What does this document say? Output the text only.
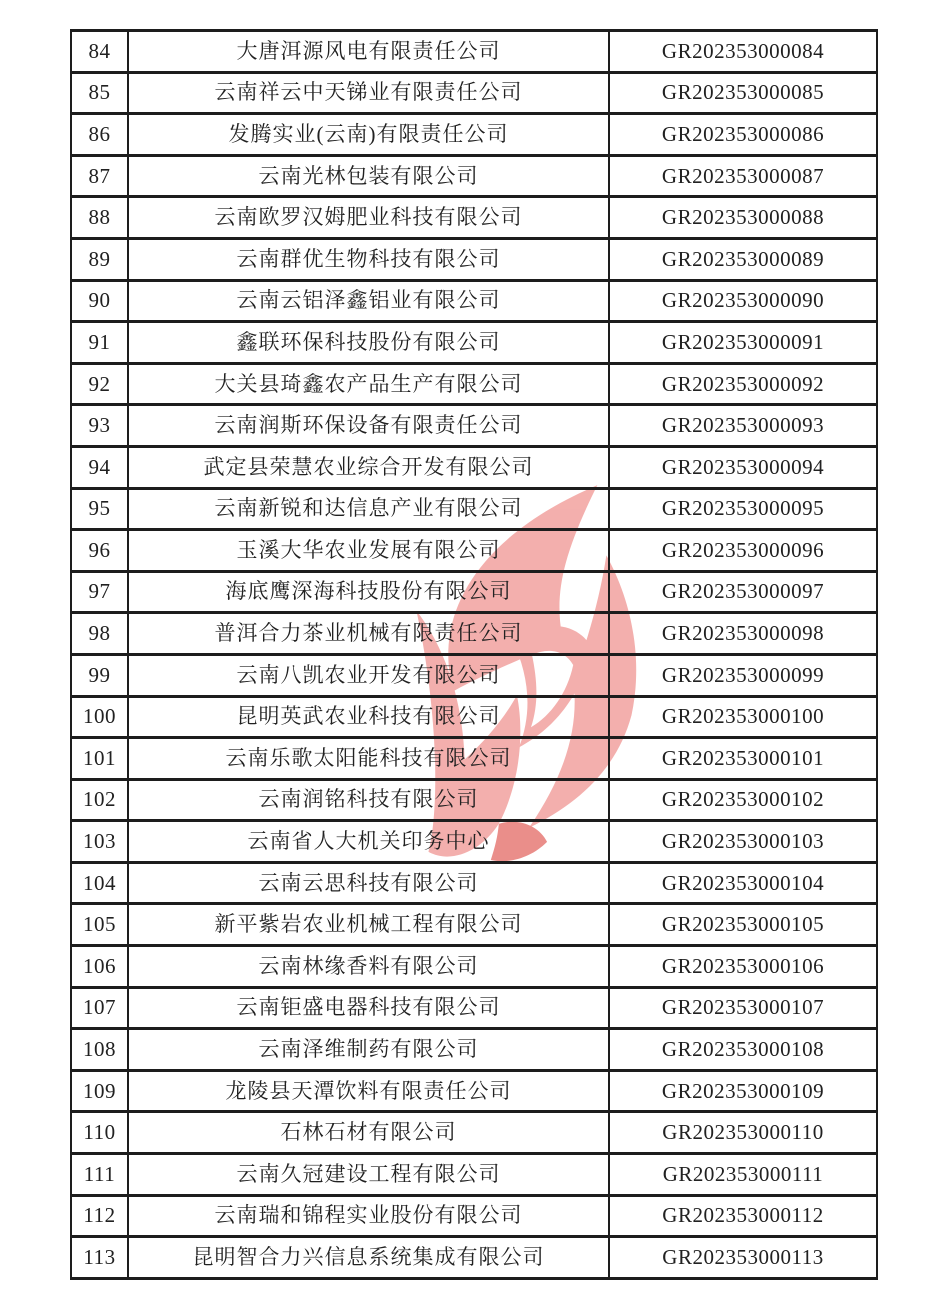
84	大唐洱源风电有限责任公司	GR202353000084
85	云南祥云中天锑业有限责任公司	GR202353000085
86	发腾实业(云南)有限责任公司	GR202353000086
87	云南光林包装有限公司	GR202353000087
88	云南欧罗汉姆肥业科技有限公司	GR202353000088
89	云南群优生物科技有限公司	GR202353000089
90	云南云铝泽鑫铝业有限公司	GR202353000090
91	鑫联环保科技股份有限公司	GR202353000091
92	大关县琦鑫农产品生产有限公司	GR202353000092
93	云南润斯环保设备有限责任公司	GR202353000093
94	武定县荣慧农业综合开发有限公司	GR202353000094
95	云南新锐和达信息产业有限公司	GR202353000095
96	玉溪大华农业发展有限公司	GR202353000096
97	海底鹰深海科技股份有限公司	GR202353000097
98	普洱合力茶业机械有限责任公司	GR202353000098
99	云南八凯农业开发有限公司	GR202353000099
100	昆明英武农业科技有限公司	GR202353000100
101	云南乐歌太阳能科技有限公司	GR202353000101
102	云南润铭科技有限公司	GR202353000102
103	云南省人大机关印务中心	GR202353000103
104	云南云思科技有限公司	GR202353000104
105	新平紫岩农业机械工程有限公司	GR202353000105
106	云南林缘香料有限公司	GR202353000106
107	云南钜盛电器科技有限公司	GR202353000107
108	云南泽维制药有限公司	GR202353000108
109	龙陵县天潭饮料有限责任公司	GR202353000109
110	石林石材有限公司	GR202353000110
111	云南久冠建设工程有限公司	GR202353000111
112	云南瑞和锦程实业股份有限公司	GR202353000112
113	昆明智合力兴信息系统集成有限公司	GR202353000113
